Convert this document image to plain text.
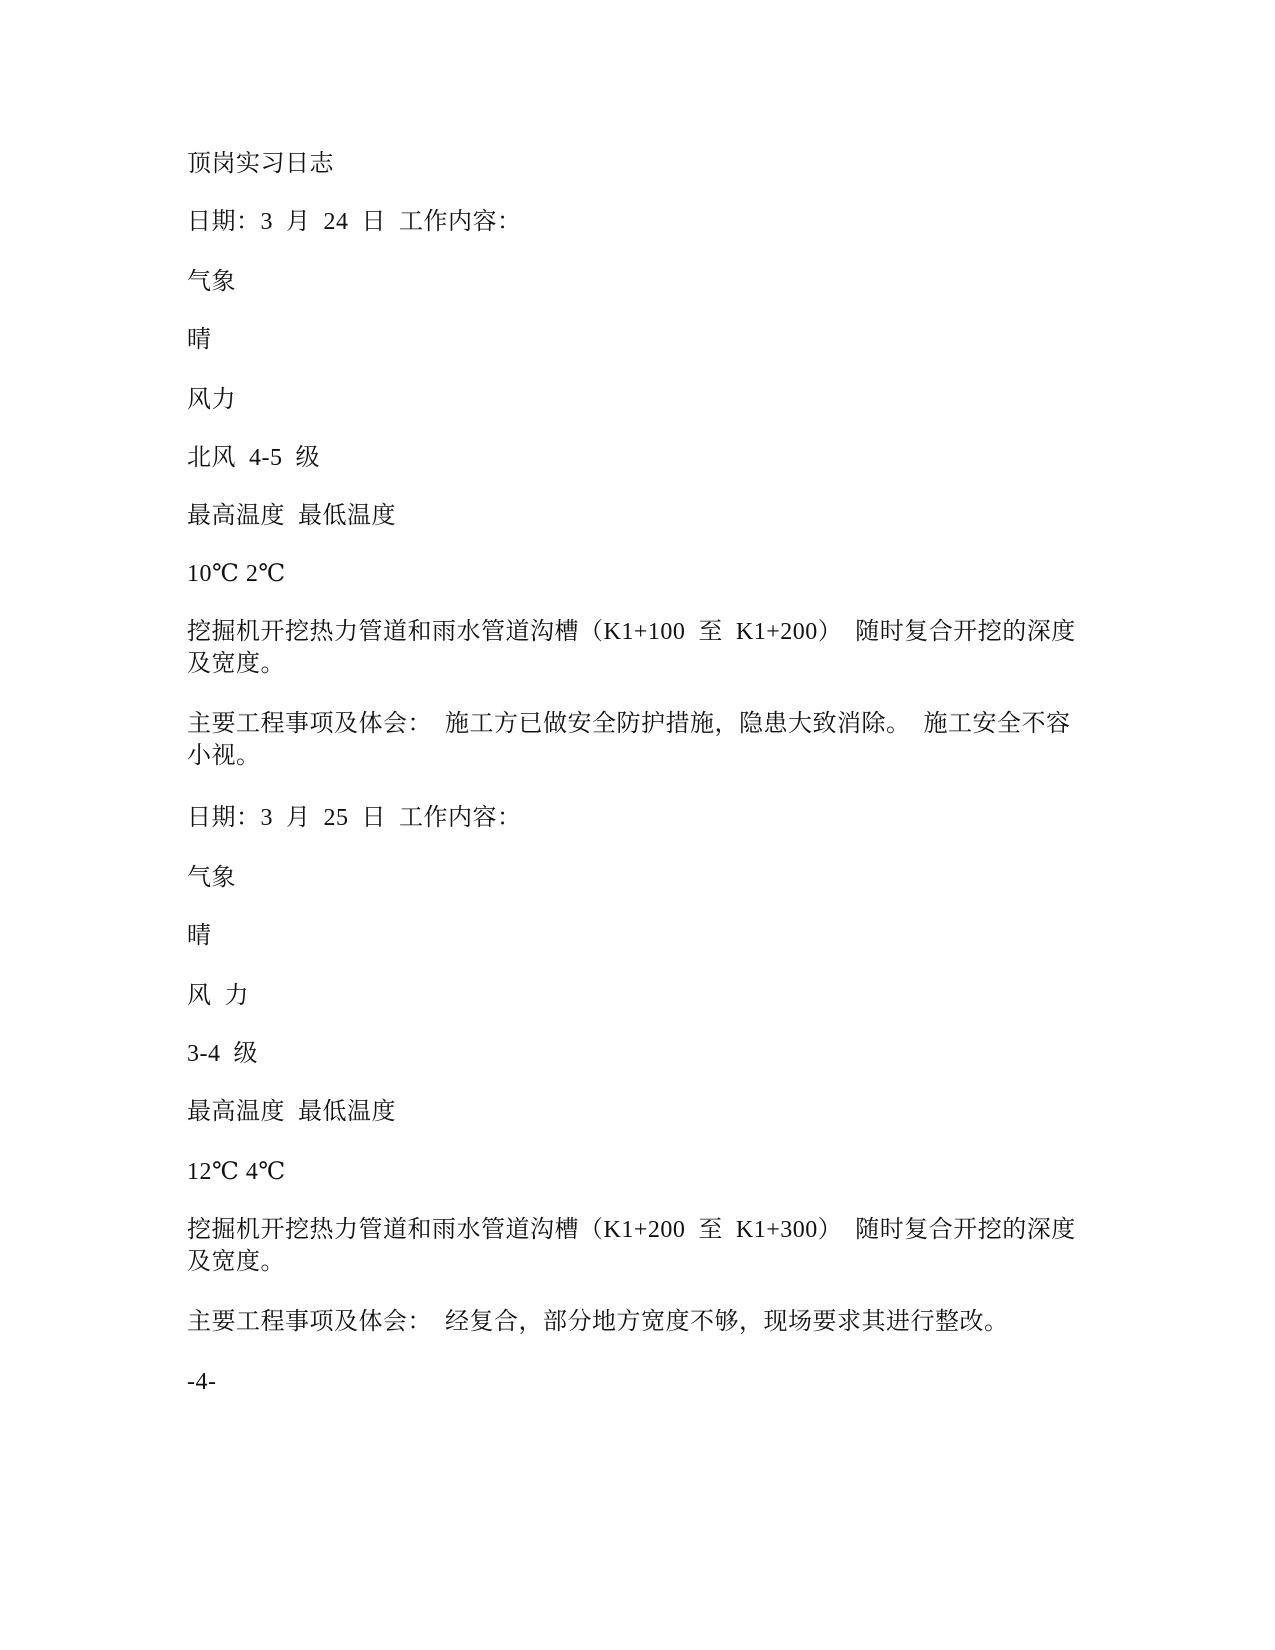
顶岗实习日志
日期：3  月  24  日  工作内容：
气象
晴
风力
北风  4-5  级
最高温度  最低温度
10℃ 2℃
挖掘机开挖热力管道和雨水管道沟槽（K1+100  至  K1+200）  随时复合开挖的深度
及宽度。
主要工程事项及体会：  施工方已做安全防护措施，隐患大致消除。  施工安全不容
小视。
日期：3  月  25  日  工作内容：
气象
晴
风  力
3-4  级
最高温度  最低温度
12℃ 4℃
挖掘机开挖热力管道和雨水管道沟槽（K1+200  至  K1+300）  随时复合开挖的深度
及宽度。
主要工程事项及体会：  经复合，部分地方宽度不够，现场要求其进行整改。
-4-
